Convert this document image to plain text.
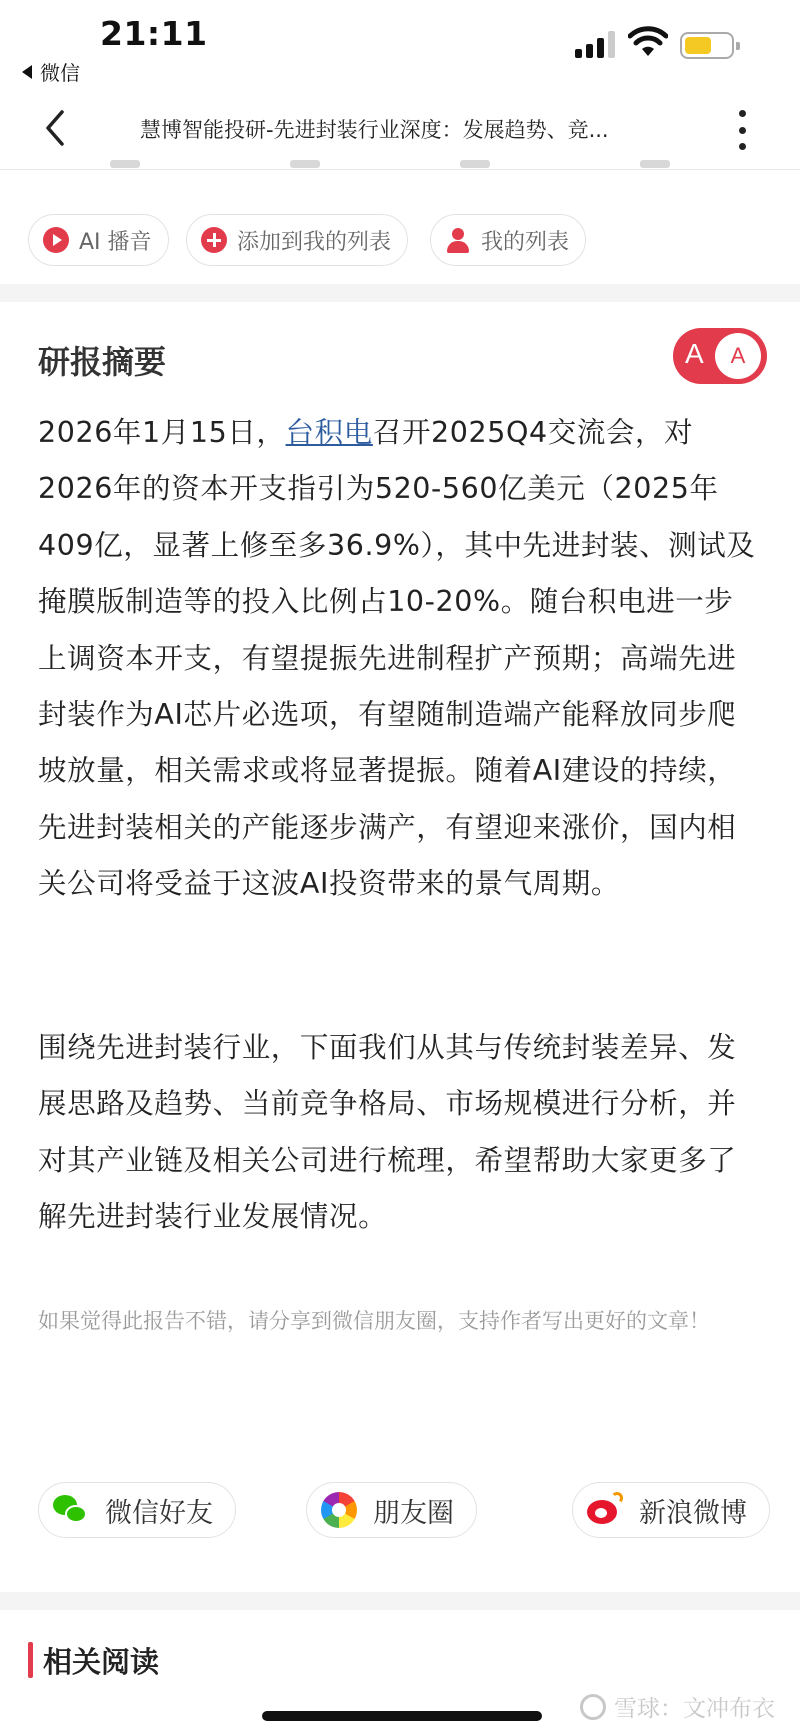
21:11
微信
慧博智能投研-先进封装行业深度：发展趋势、竞...
AI 播音	添加到我的列表	我的列表
研报摘要	A	A
2026年1月15日，台积电召开2025Q4交流会，对2026年的资本开支指引为520-560亿美元（2025年409亿，显著上修至多36.9%），其中先进封装、测试及掩膜版制造等的投入比例占10-20%。随台积电进一步上调资本开支，有望提振先进制程扩产预期；高端先进封装作为AI芯片必选项，有望随制造端产能释放同步爬坡放量，相关需求或将显著提振。随着AI建设的持续，先进封装相关的产能逐步满产，有望迎来涨价，国内相关公司将受益于这波AI投资带来的景气周期。
围绕先进封装行业，下面我们从其与传统封装差异、发展思路及趋势、当前竞争格局、市场规模进行分析，并对其产业链及相关公司进行梳理，希望帮助大家更多了解先进封装行业发展情况。
如果觉得此报告不错，请分享到微信朋友圈，支持作者写出更好的文章！
微信好友	朋友圈	新浪微博
相关阅读
雪球：文冲布衣
